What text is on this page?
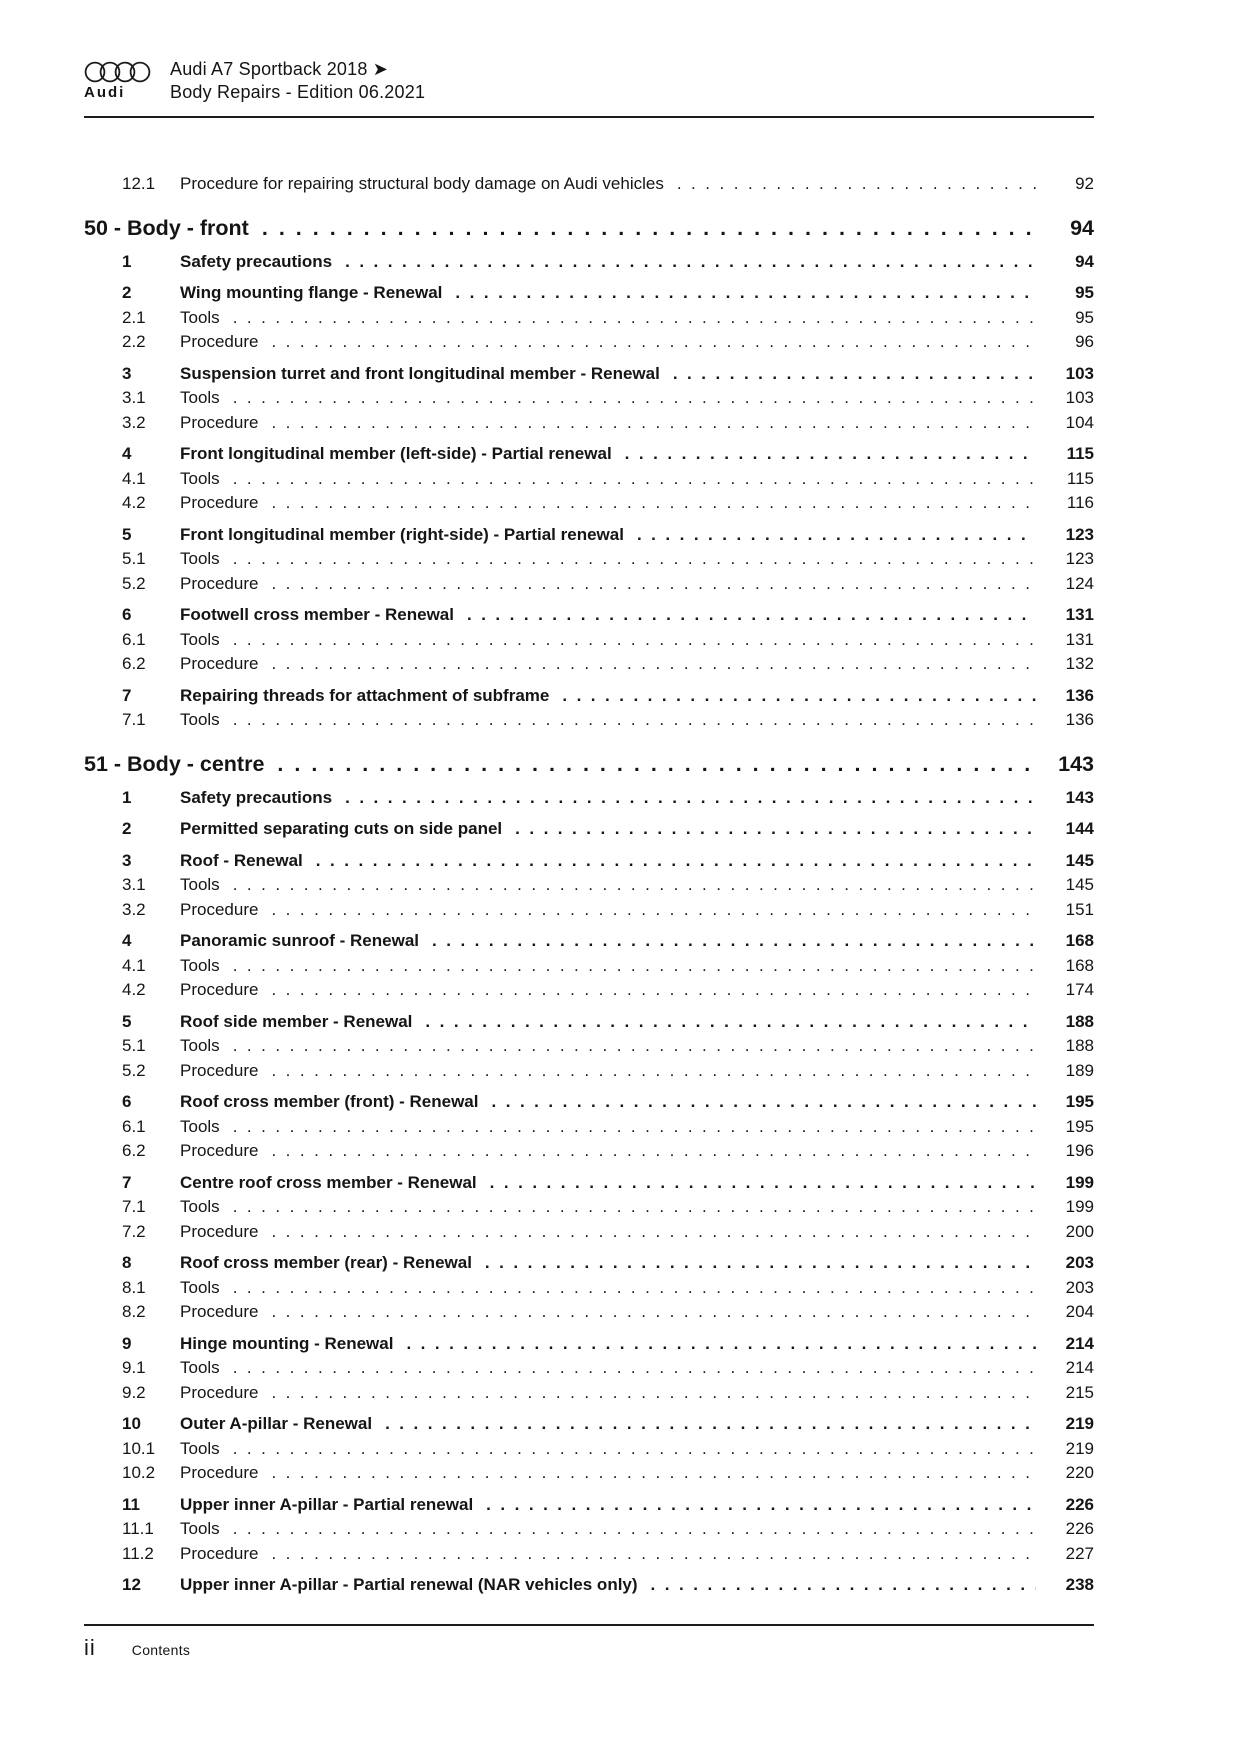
Audi
Audi A7 Sportback 2018 ➤
Body Repairs - Edition 06.2021
12.1	Procedure for repairing structural body damage on Audi vehicles .....	92
50 - Body - front .....	94
1	Safety precautions .....	94
2	Wing mounting flange - Renewal .....	95
2.1	Tools .....	95
2.2	Procedure .....	96
3	Suspension turret and front longitudinal member - Renewal .....	103
3.1	Tools .....	103
3.2	Procedure .....	104
4	Front longitudinal member (left-side) - Partial renewal .....	115
4.1	Tools .....	115
4.2	Procedure .....	116
5	Front longitudinal member (right-side) - Partial renewal .....	123
5.1	Tools .....	123
5.2	Procedure .....	124
6	Footwell cross member - Renewal .....	131
6.1	Tools .....	131
6.2	Procedure .....	132
7	Repairing threads for attachment of subframe .....	136
7.1	Tools .....	136
51 - Body - centre .....	143
1	Safety precautions .....	143
2	Permitted separating cuts on side panel .....	144
3	Roof - Renewal .....	145
3.1	Tools .....	145
3.2	Procedure .....	151
4	Panoramic sunroof - Renewal .....	168
4.1	Tools .....	168
4.2	Procedure .....	174
5	Roof side member - Renewal .....	188
5.1	Tools .....	188
5.2	Procedure .....	189
6	Roof cross member (front) - Renewal .....	195
6.1	Tools .....	195
6.2	Procedure .....	196
7	Centre roof cross member - Renewal .....	199
7.1	Tools .....	199
7.2	Procedure .....	200
8	Roof cross member (rear) - Renewal .....	203
8.1	Tools .....	203
8.2	Procedure .....	204
9	Hinge mounting - Renewal .....	214
9.1	Tools .....	214
9.2	Procedure .....	215
10	Outer A-pillar - Renewal .....	219
10.1	Tools .....	219
10.2	Procedure .....	220
11	Upper inner A-pillar - Partial renewal .....	226
11.1	Tools .....	226
11.2	Procedure .....	227
12	Upper inner A-pillar - Partial renewal (NAR vehicles only) .....	238
ii	Contents
